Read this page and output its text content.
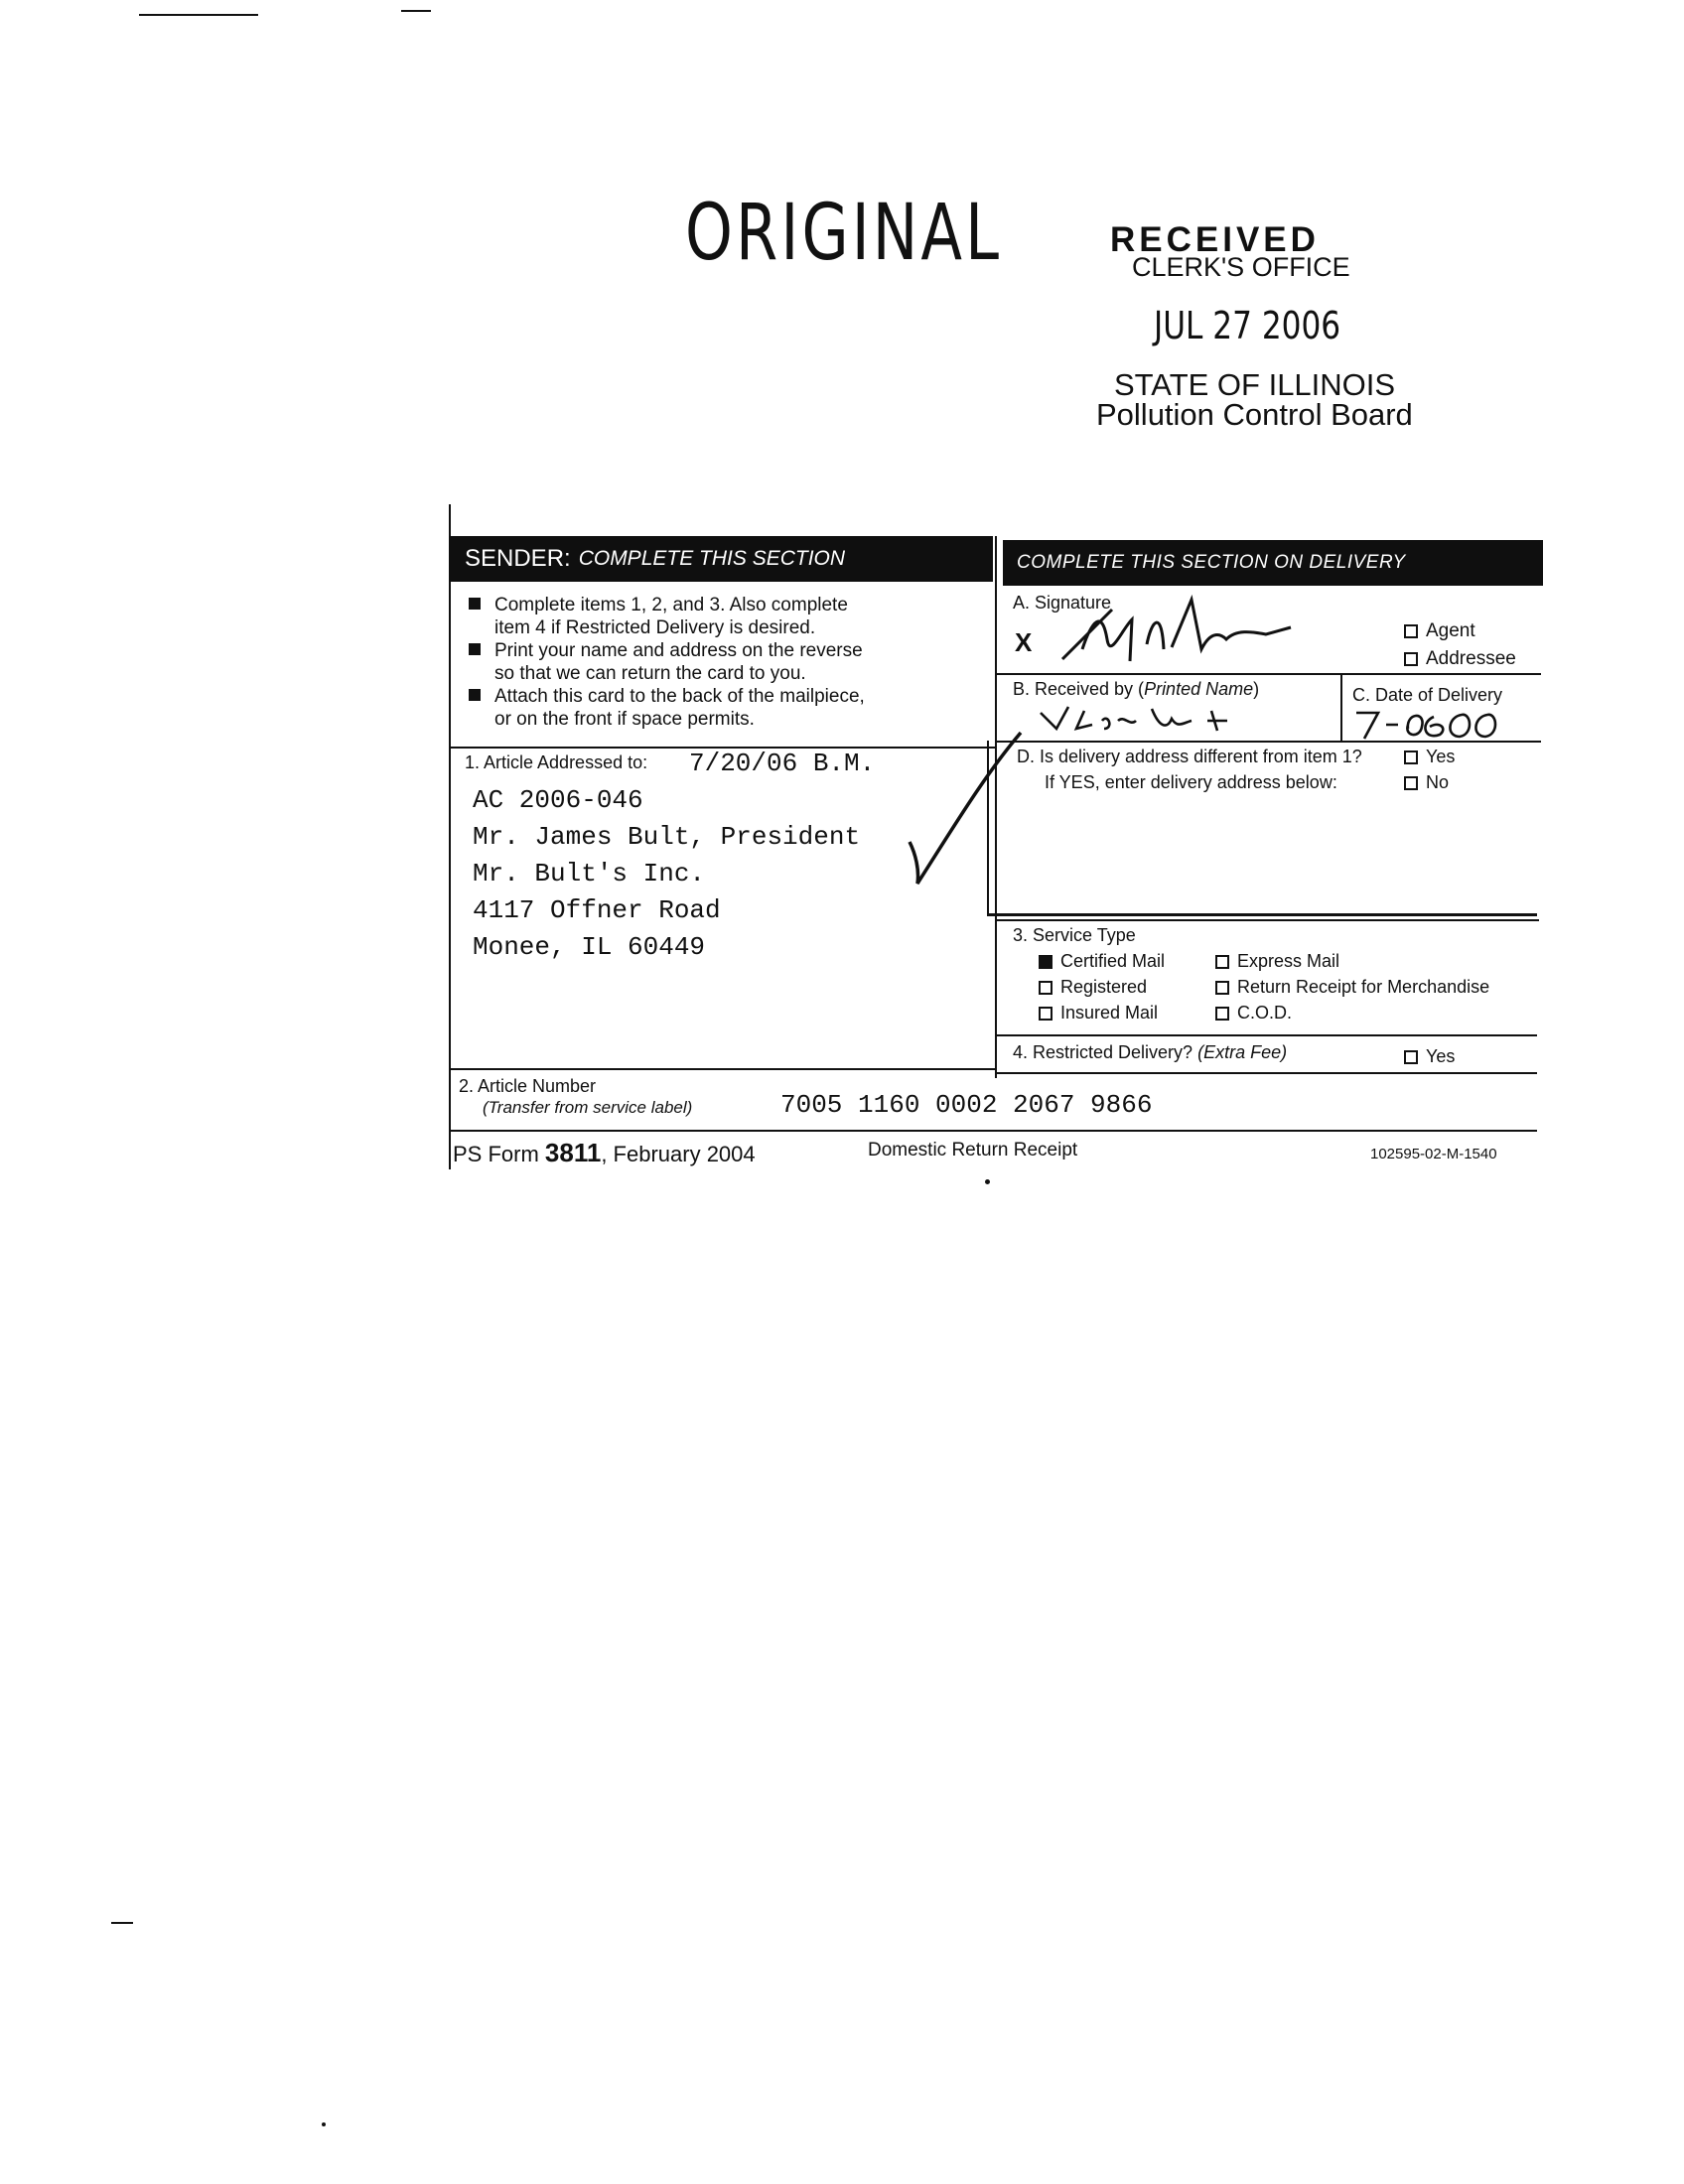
ORIGINAL	RECEIVED
CLERK'S OFFICE
JUL 27 2006
STATE OF ILLINOIS
Pollution Control Board
SENDER: COMPLETE THIS SECTION	COMPLETE THIS SECTION ON DELIVERY
Complete items 1, 2, and 3. Also complete
item 4 if Restricted Delivery is desired.
Print your name and address on the reverse
so that we can return the card to you.
Attach this card to the back of the mailpiece,
or on the front if space permits.
1. Article Addressed to: 7/20/06 B.M.
AC 2006-046
Mr. James Bult, President
Mr. Bult's Inc.
4117 Offner Road
Monee, IL 60449
A. Signature
X	Agent
Addressee
B. Received by (Printed Name)	C. Date of Delivery
D. Is delivery address different from item 1?	Yes
If YES, enter delivery address below:	No
3. Service Type
Certified Mail	Express Mail
Registered	Return Receipt for Merchandise
Insured Mail	C.O.D.
4. Restricted Delivery? (Extra Fee)	Yes
2. Article Number
(Transfer from service label)	7005 1160 0002 2067 9866
PS Form 3811, February 2004	Domestic Return Receipt	102595-02-M-1540
